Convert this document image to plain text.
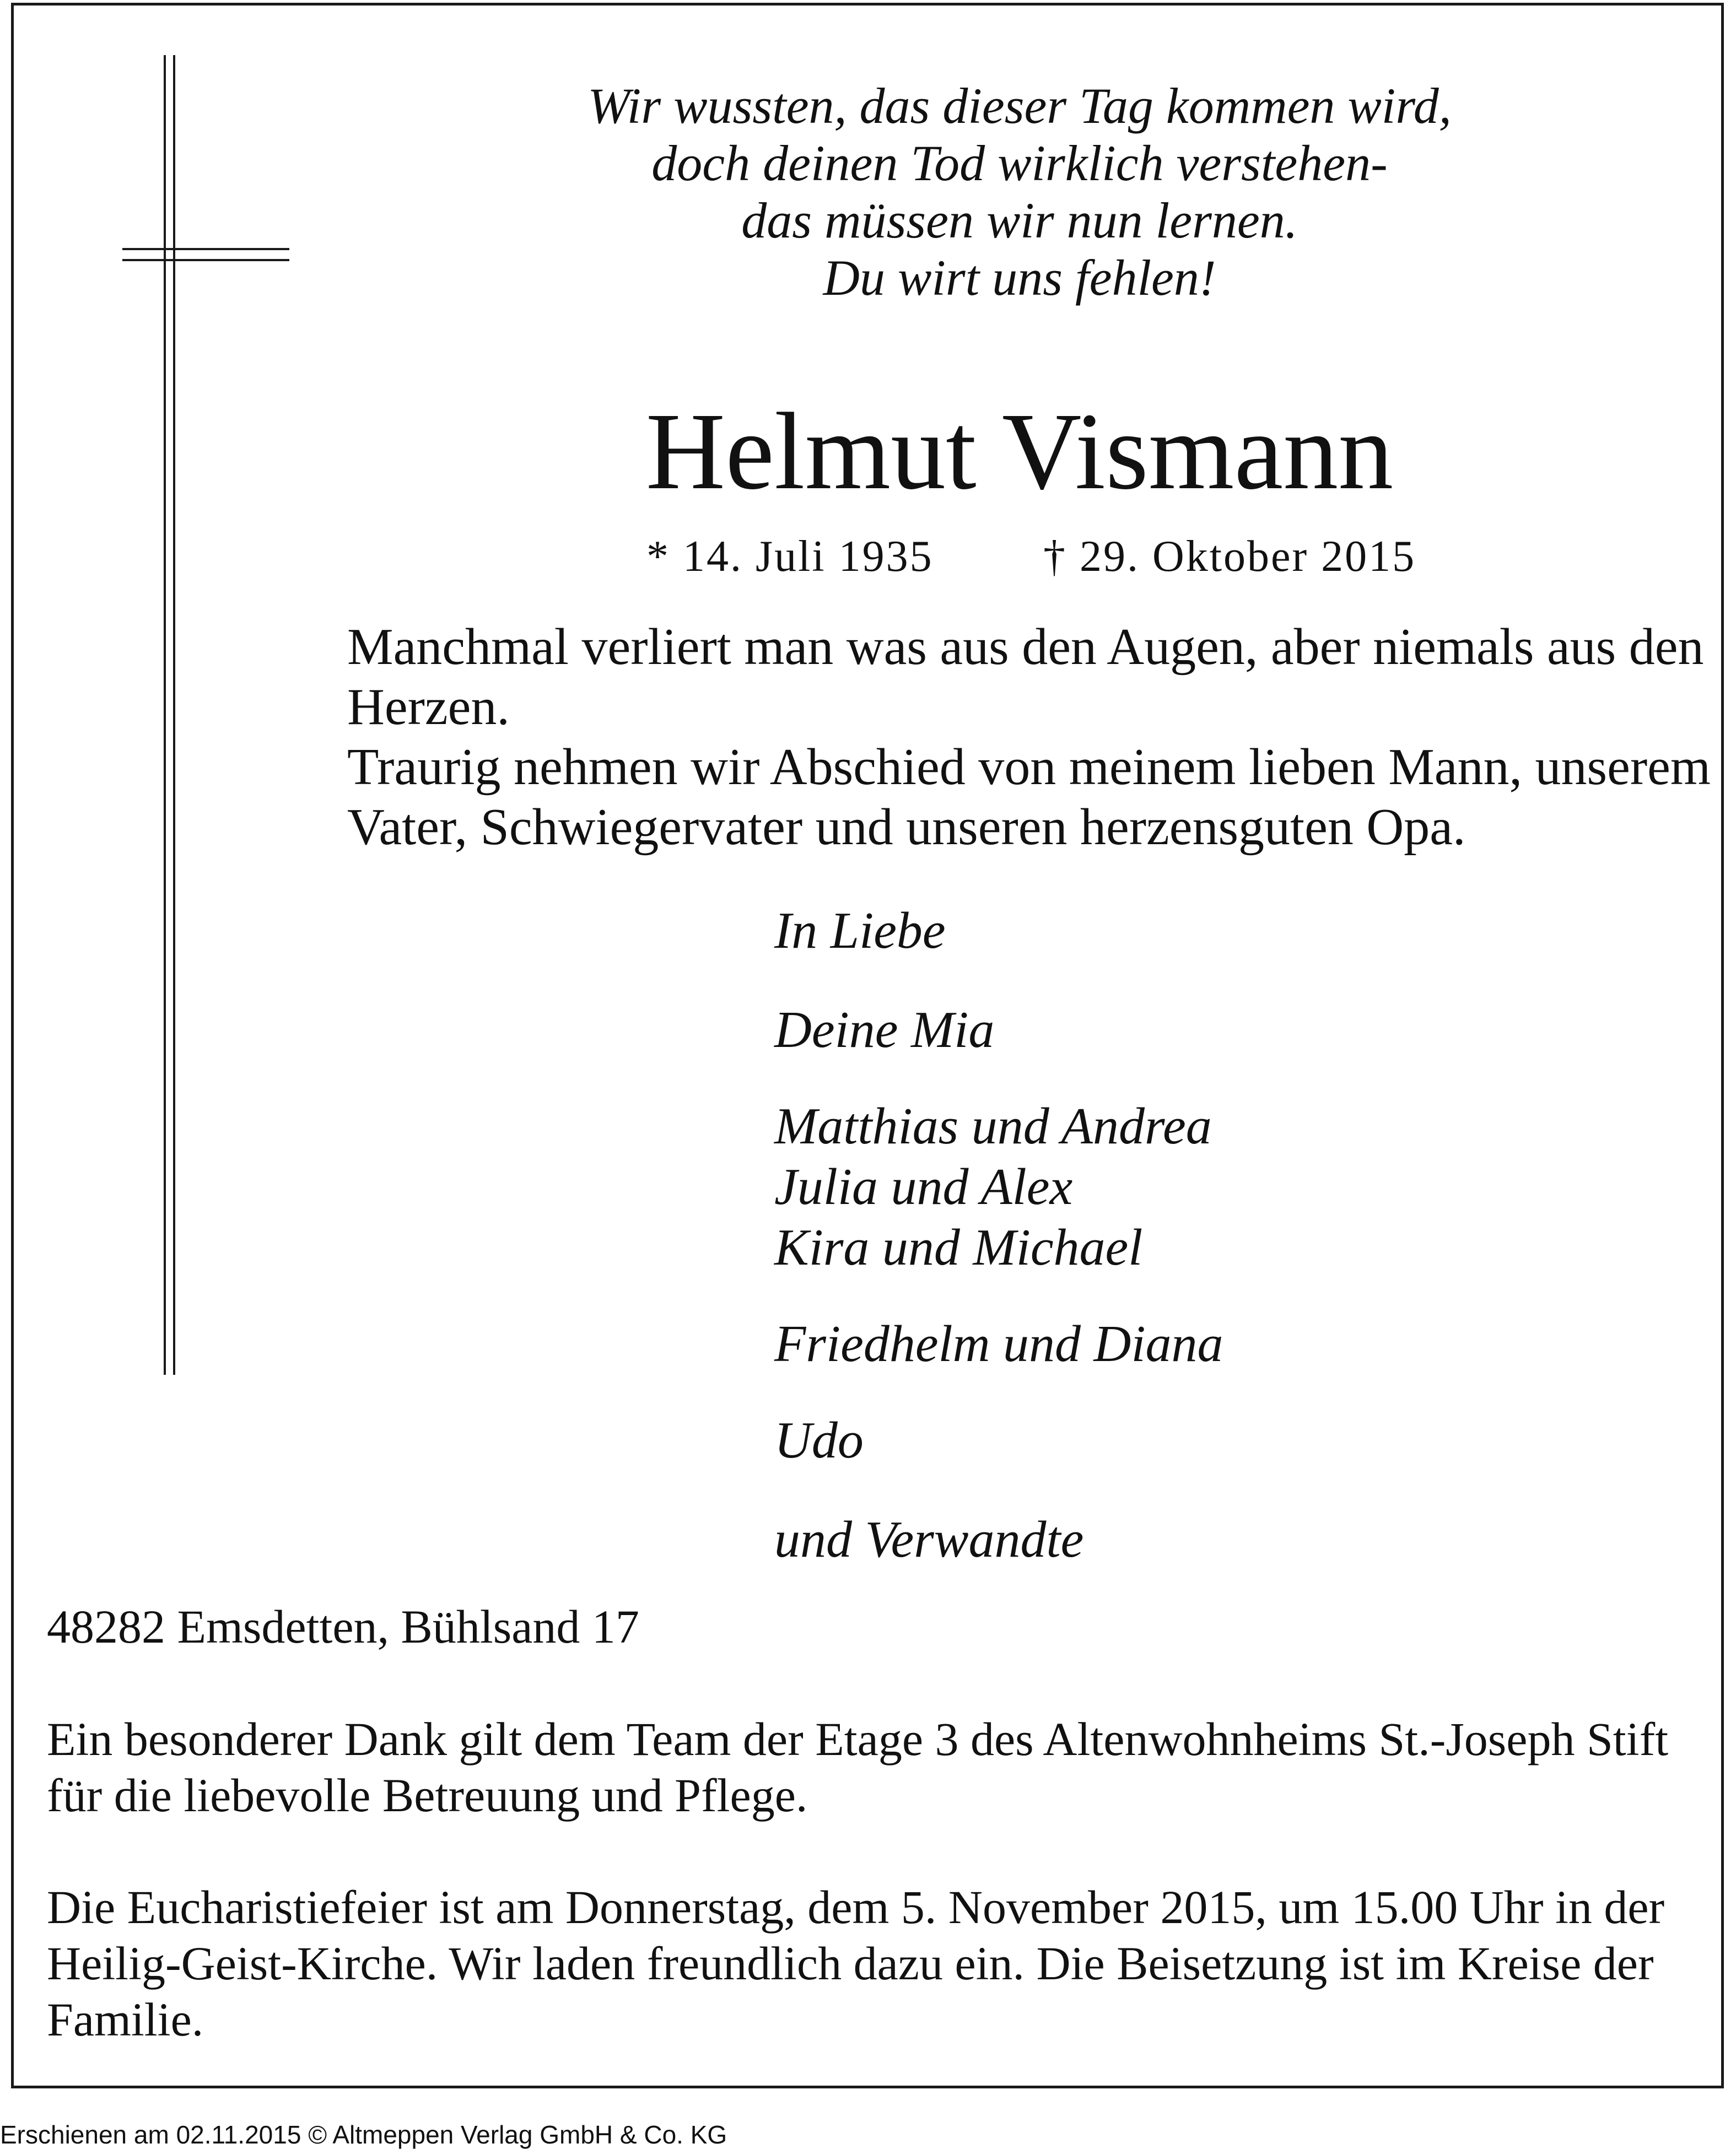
Wir wussten, das dieser Tag kommen wird,
doch deinen Tod wirklich verstehen-
das müssen wir nun lernen.
Du wirt uns fehlen!
Helmut Vismann
* 14. Juli 1935 † 29. Oktober 2015
Manchmal verliert man was aus den Augen, aber niemals aus den
Herzen.
Traurig nehmen wir Abschied von meinem lieben Mann, unserem
Vater, Schwiegervater und unseren herzensguten Opa.
In Liebe
Deine Mia
Matthias und Andrea
Julia und Alex
Kira und Michael
Friedhelm und Diana
Udo
und Verwandte
48282 Emsdetten, Bühlsand 17
Ein besonderer Dank gilt dem Team der Etage 3 des Altenwohnheims St.-Joseph Stift
für die liebevolle Betreuung und Pflege.
Die Eucharistiefeier ist am Donnerstag, dem 5. November 2015, um 15.00 Uhr in der
Heilig-Geist-Kirche. Wir laden freundlich dazu ein. Die Beisetzung ist im Kreise der
Familie.
Erschienen am 02.11.2015 © Altmeppen Verlag GmbH & Co. KG
